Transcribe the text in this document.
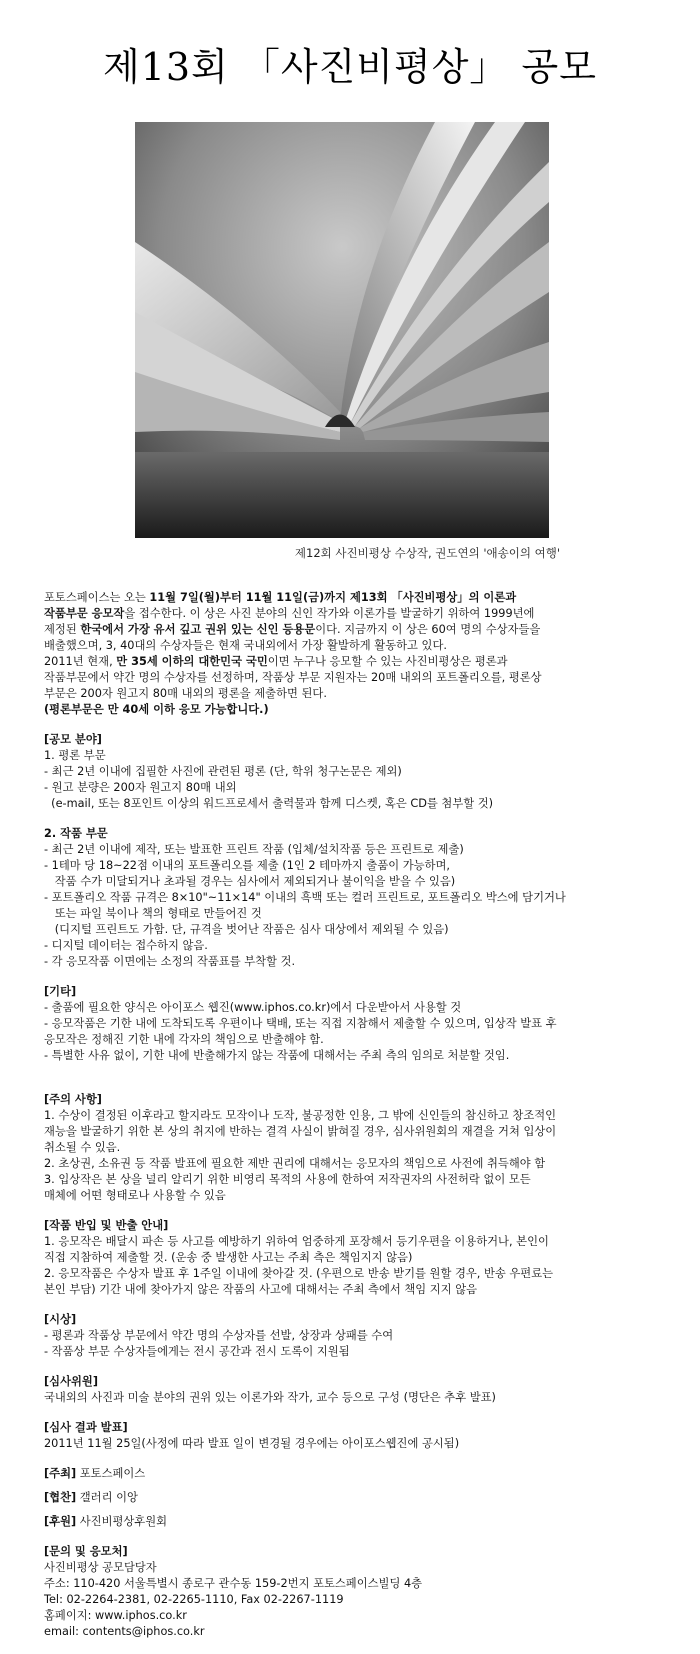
제13회 「사진비평상」 공모
제12회 사진비평상 수상작, 권도연의 '애송이의 여행'

포토스페이스는 오는 11월 7일(월)부터 11월 11일(금)까지 제13회 「사진비평상」의 이론과

작품부문 응모작을 접수한다. 이 상은 사진 분야의 신인 작가와 이론가를 발굴하기 위하여 1999년에

제정된 한국에서 가장 유서 깊고 권위 있는 신인 등용문이다. 지금까지 이 상은 60여 명의 수상자들을

배출했으며, 3, 40대의 수상자들은 현재 국내외에서 가장 활발하게 활동하고 있다.

2011년 현재, 만 35세 이하의 대한민국 국민이면 누구나 응모할 수 있는 사진비평상은 평론과

작품부문에서 약간 명의 수상자를 선정하며, 작품상 부문 지원자는 20매 내외의 포트폴리오를, 평론상

부문은 200자 원고지 80매 내외의 평론을 제출하면 된다.

(평론부문은 만 40세 이하 응모 가능합니다.)

[공모 분야]
1. 평론 부문
- 최근 2년 이내에 집필한 사진에 관련된 평론 (단, 학위 청구논문은 제외)
- 원고 분량은 200자 원고지 80매 내외
(e-mail, 또는 8포인트 이상의 워드프로세서 출력물과 함께 디스켓, 혹은 CD를 첨부할 것)
2. 작품 부문
- 최근 2년 이내에 제작, 또는 발표한 프린트 작품 (입체/설치작품 등은 프린트로 제출)
- 1테마 당 18~22점 이내의 포트폴리오를 제출 (1인 2 테마까지 출품이 가능하며,
작품 수가 미달되거나 초과될 경우는 심사에서 제외되거나 불이익을 받을 수 있음)
- 포트폴리오 작품 규격은 8×10"~11×14" 이내의 흑백 또는 컬러 프린트로, 포트폴리오 박스에 담기거나
또는 파일 북이나 책의 형태로 만들어진 것
(디지털 프린트도 가함. 단, 규격을 벗어난 작품은 심사 대상에서 제외될 수 있음)
- 디지털 데이터는 접수하지 않음.
- 각 응모작품 이면에는 소정의 작품표를 부착할 것.
[기타]
- 출품에 필요한 양식은 아이포스 웹진(www.iphos.co.kr)에서 다운받아서 사용할 것
- 응모작품은 기한 내에 도착되도록 우편이나 택배, 또는 직접 지참해서 제출할 수 있으며, 입상작 발표 후
응모작은 정해진 기한 내에 각자의 책임으로 반출해야 함.
- 특별한 사유 없이, 기한 내에 반출해가지 않는 작품에 대해서는 주최 측의 임의로 처분할 것임.
[주의 사항]
1. 수상이 결정된 이후라고 할지라도 모작이나 도작, 불공정한 인용, 그 밖에 신인들의 참신하고 창조적인
재능을 발굴하기 위한 본 상의 취지에 반하는 결격 사실이 밝혀질 경우, 심사위원회의 재결을 거쳐 입상이
취소될 수 있음.
2. 초상권, 소유권 등 작품 발표에 필요한 제반 권리에 대해서는 응모자의 책임으로 사전에 취득해야 함
3. 입상작은 본 상을 널리 알리기 위한 비영리 목적의 사용에 한하여 저작권자의 사전허락 없이 모든
매체에 어떤 형태로나 사용할 수 있음
[작품 반입 및 반출 안내]
1. 응모작은 배달시 파손 등 사고를 예방하기 위하여 엄중하게 포장해서 등기우편을 이용하거나, 본인이
직접 지참하여 제출할 것. (운송 중 발생한 사고는 주최 측은 책임지지 않음)
2. 응모작품은 수상자 발표 후 1주일 이내에 찾아갈 것. (우편으로 반송 받기를 원할 경우, 반송 우편료는
본인 부담) 기간 내에 찾아가지 않은 작품의 사고에 대해서는 주최 측에서 책임 지지 않음
[시상]
- 평론과 작품상 부문에서 약간 명의 수상자를 선발, 상장과 상패를 수여
- 작품상 부문 수상자들에게는 전시 공간과 전시 도록이 지원됨
[심사위원]
국내외의 사진과 미술 분야의 권위 있는 이론가와 작가, 교수 등으로 구성 (명단은 추후 발표)
[심사 결과 발표]
2011년 11월 25일(사정에 따라 발표 일이 변경될 경우에는 아이포스웹진에 공시됨)
[주최] 포토스페이스
[협찬] 갤러리 이앙
[후원] 사진비평상후원회
[문의 및 응모처]
사진비평상 공모담당자
주소: 110-420 서울특별시 종로구 관수동 159-2번지 포토스페이스빌딩 4층
Tel: 02-2264-2381, 02-2265-1110, Fax 02-2267-1119
홈페이지: www.iphos.co.kr
email: contents@iphos.co.kr
